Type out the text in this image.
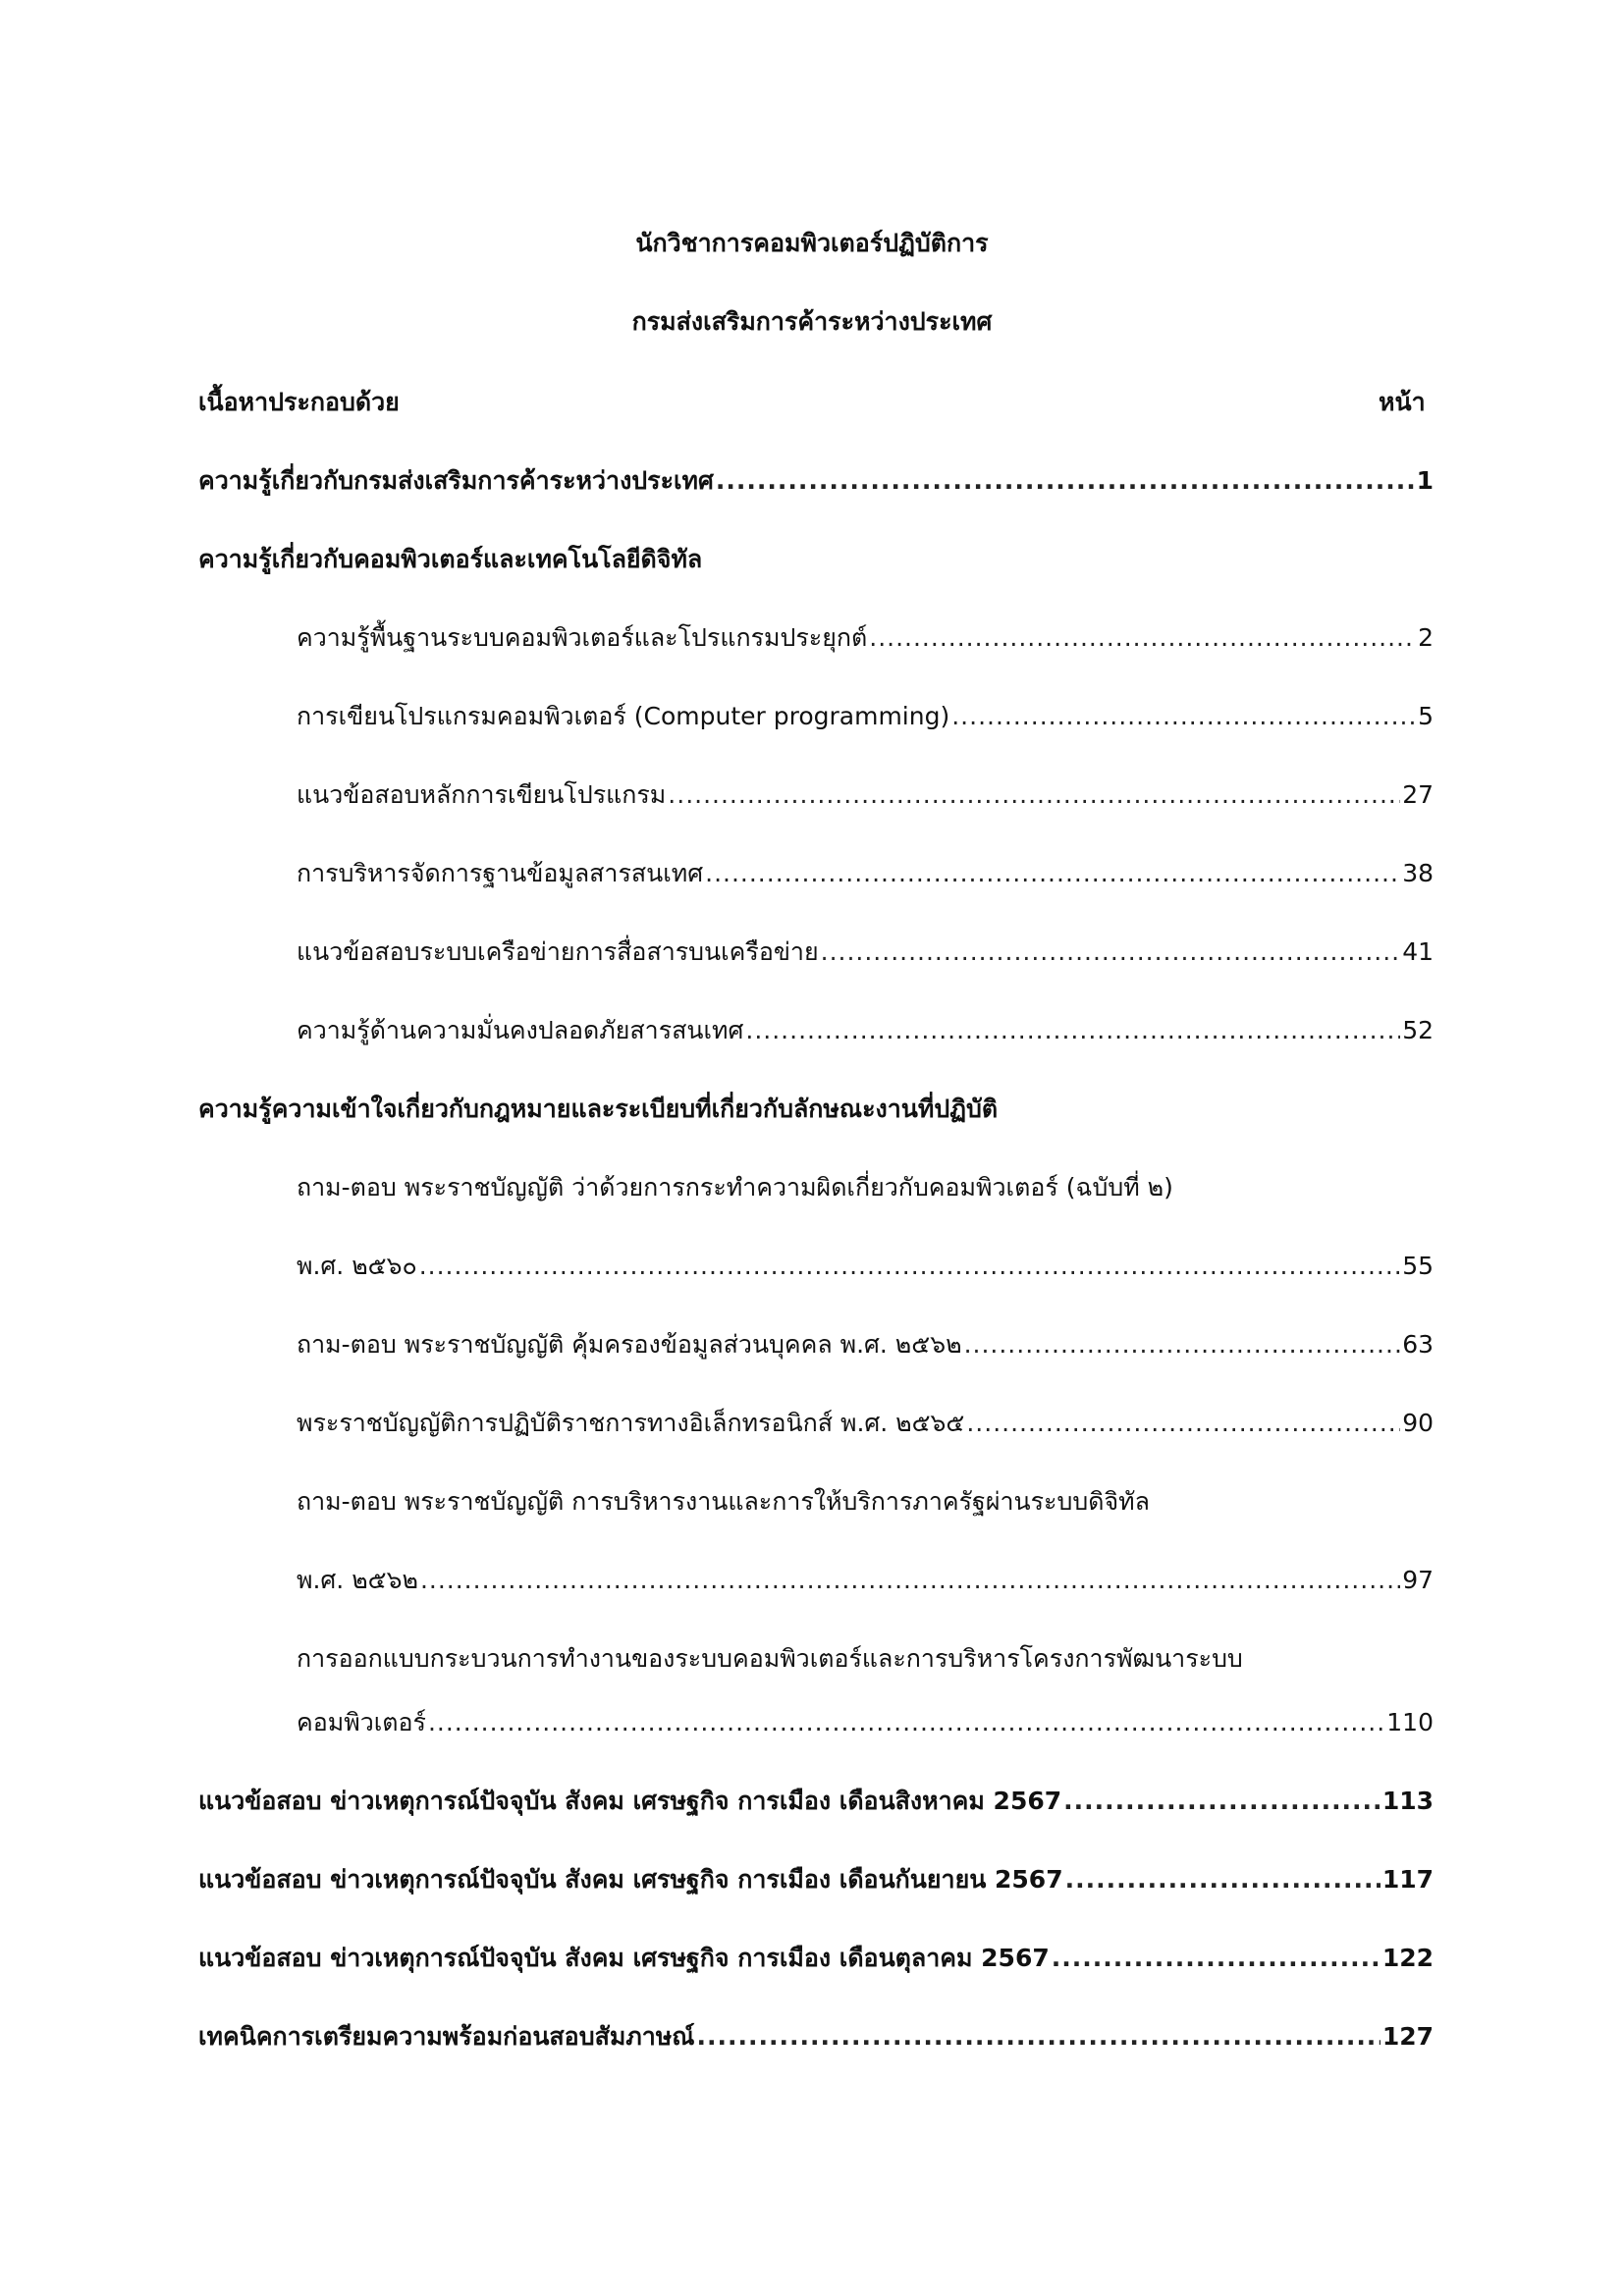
นักวิชาการคอมพิวเตอร์ปฏิบัติการ
กรมส่งเสริมการค้าระหว่างประเทศ
เนื้อหาประกอบด้วย	หน้า
ความรู้เกี่ยวกับกรมส่งเสริมการค้าระหว่างประเทศ .....	1
ความรู้เกี่ยวกับคอมพิวเตอร์และเทคโนโลยีดิจิทัล
ความรู้พื้นฐานระบบคอมพิวเตอร์และโปรแกรมประยุกต์ .....	2
การเขียนโปรแกรมคอมพิวเตอร์ (Computer programming) .....	5
แนวข้อสอบหลักการเขียนโปรแกรม .....	27
การบริหารจัดการฐานข้อมูลสารสนเทศ .....	38
แนวข้อสอบระบบเครือข่ายการสื่อสารบนเครือข่าย .....	41
ความรู้ด้านความมั่นคงปลอดภัยสารสนเทศ .....	52
ความรู้ความเข้าใจเกี่ยวกับกฎหมายและระเบียบที่เกี่ยวกับลักษณะงานที่ปฏิบัติ
ถาม-ตอบ พระราชบัญญัติ ว่าด้วยการกระทำความผิดเกี่ยวกับคอมพิวเตอร์ (ฉบับที่ ๒)
พ.ศ. ๒๕๖๐ .....	55
ถาม-ตอบ พระราชบัญญัติ คุ้มครองข้อมูลส่วนบุคคล พ.ศ. ๒๕๖๒ .....	63
พระราชบัญญัติการปฏิบัติราชการทางอิเล็กทรอนิกส์ พ.ศ. ๒๕๖๕ .....	90
ถาม-ตอบ พระราชบัญญัติ การบริหารงานและการให้บริการภาครัฐผ่านระบบดิจิทัล
พ.ศ. ๒๕๖๒ .....	97
การออกแบบกระบวนการทำงานของระบบคอมพิวเตอร์และการบริหารโครงการพัฒนาระบบ
คอมพิวเตอร์ .....	110
แนวข้อสอบ ข่าวเหตุการณ์ปัจจุบัน สังคม เศรษฐกิจ การเมือง เดือนสิงหาคม 2567 .....	113
แนวข้อสอบ ข่าวเหตุการณ์ปัจจุบัน สังคม เศรษฐกิจ การเมือง เดือนกันยายน 2567 .....	117
แนวข้อสอบ ข่าวเหตุการณ์ปัจจุบัน สังคม เศรษฐกิจ การเมือง เดือนตุลาคม 2567 .....	122
เทคนิคการเตรียมความพร้อมก่อนสอบสัมภาษณ์ .....	127
